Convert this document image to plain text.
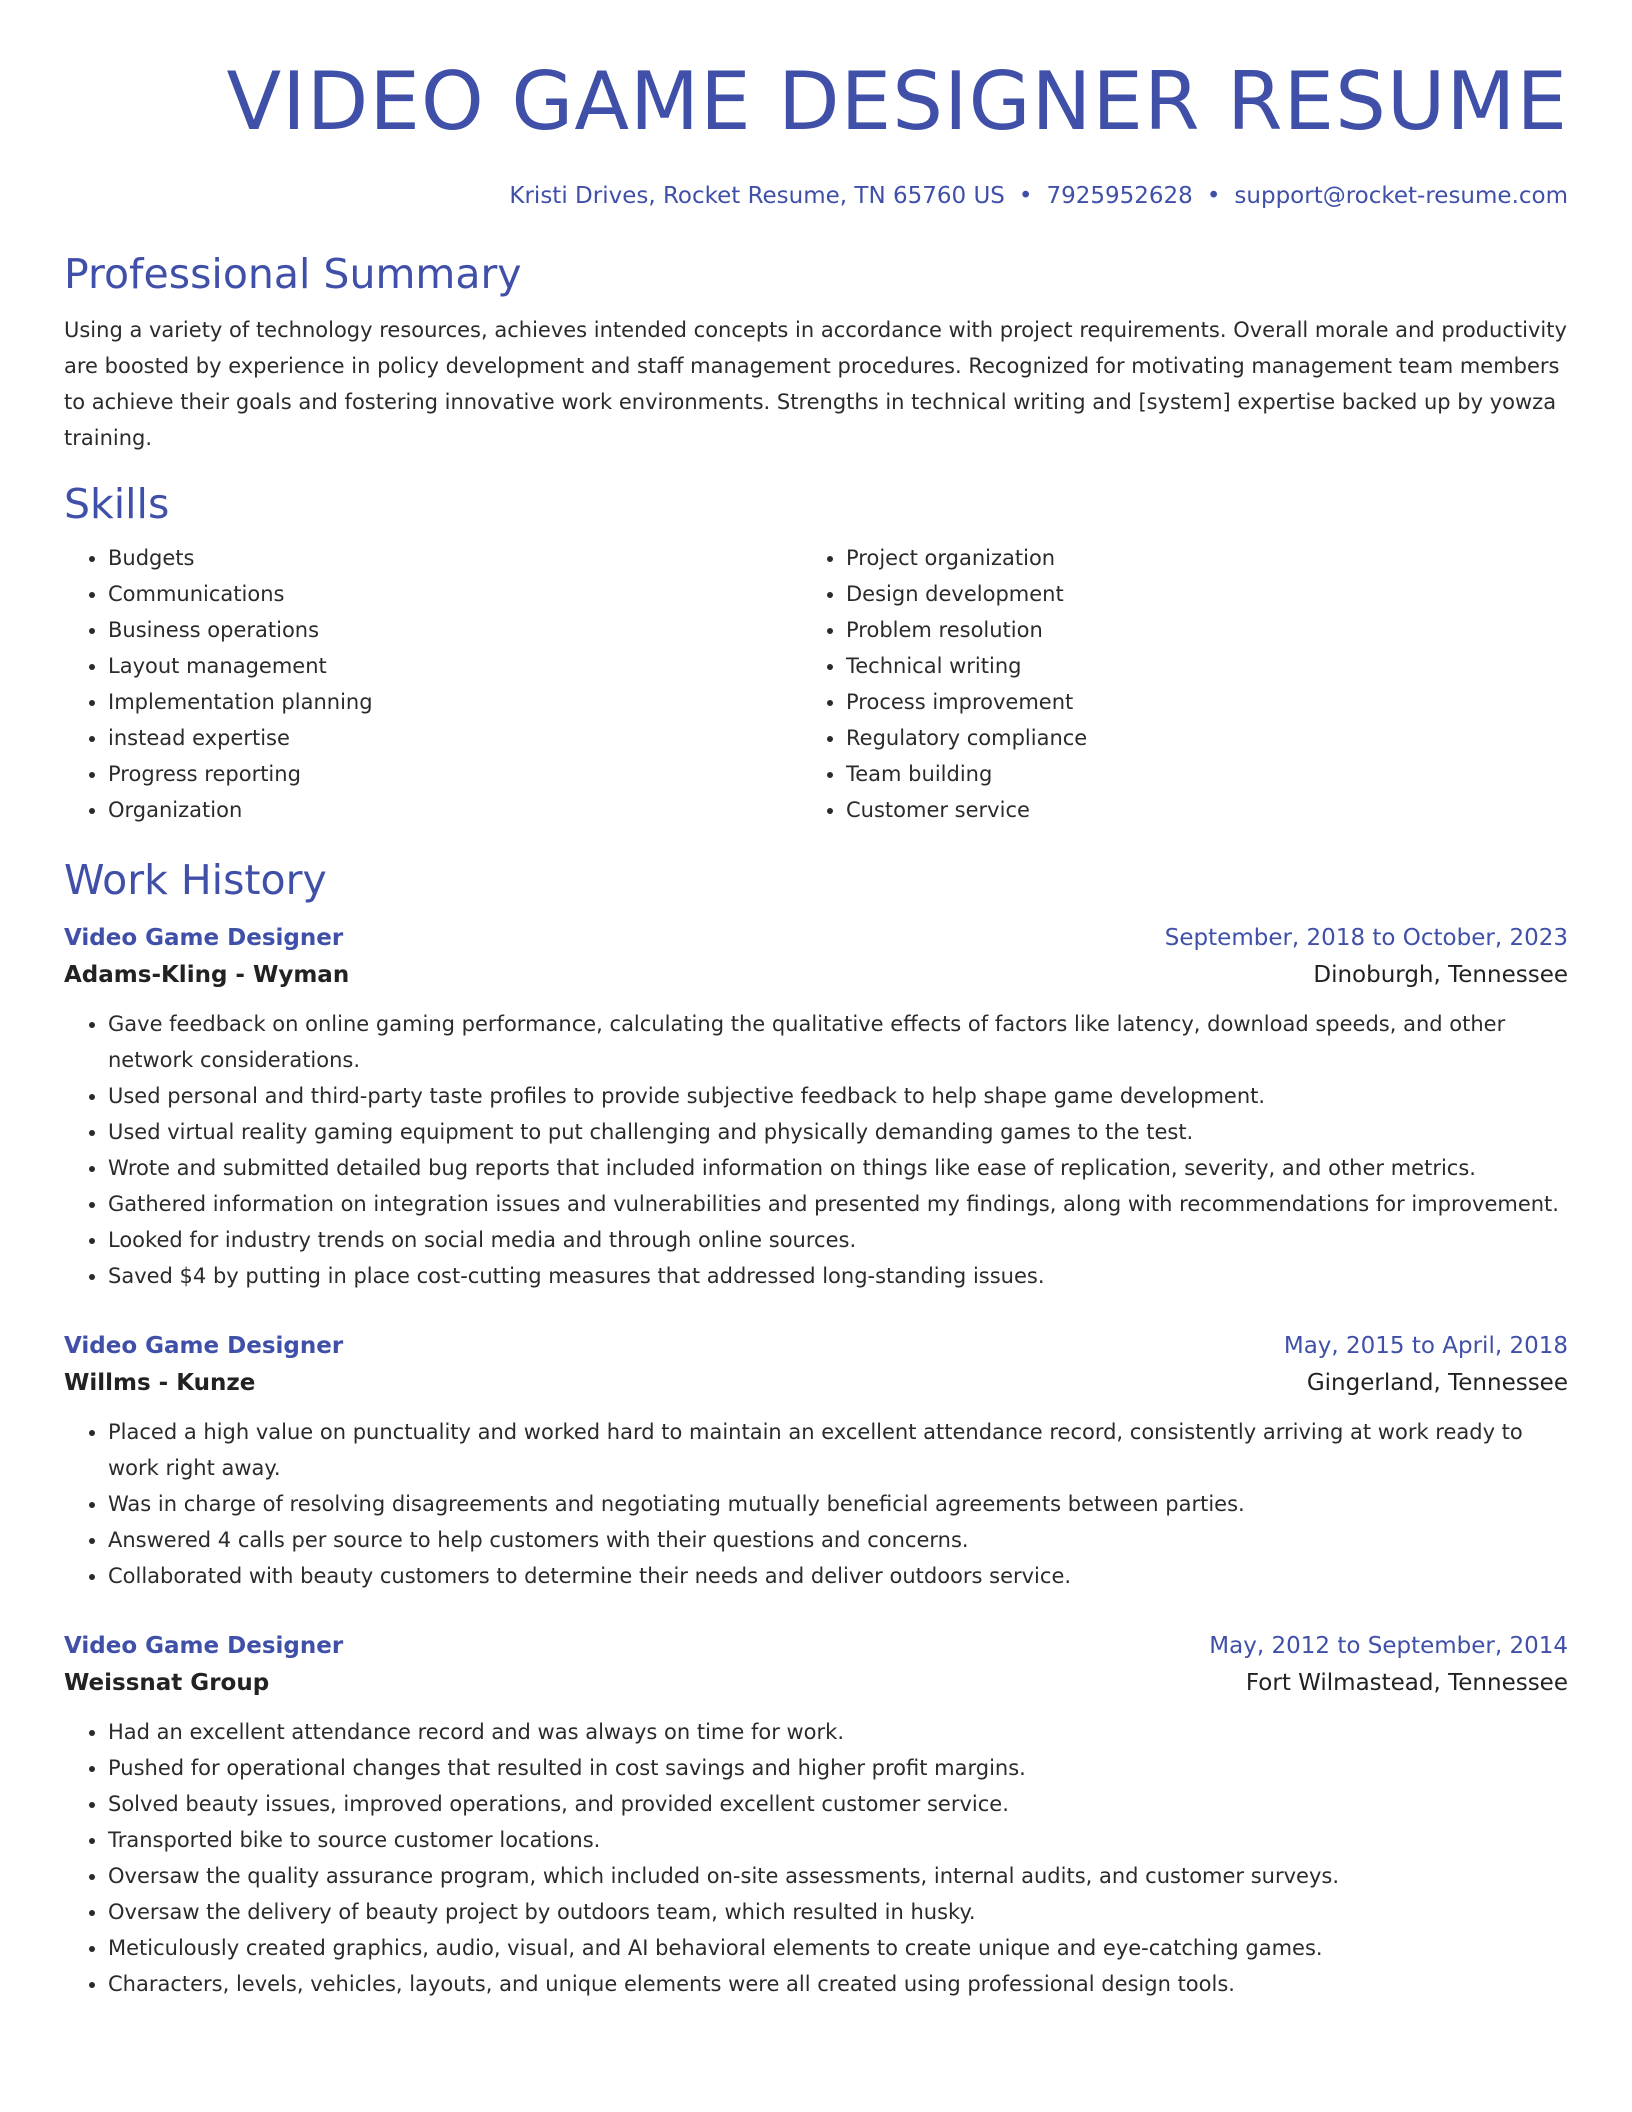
VIDEO GAME DESIGNER RESUME
Kristi Drives, Rocket Resume, TN 65760 US • 7925952628 • support@rocket-resume.com
Professional Summary
Using a variety of technology resources, achieves intended concepts in accordance with project requirements. Overall morale and productivity are boosted by experience in policy development and staff management procedures. Recognized for motivating management team members to achieve their goals and fostering innovative work environments. Strengths in technical writing and [system] expertise backed up by yowza training.
Skills
• Budgets
• Communications
• Business operations
• Layout management
• Implementation planning
• instead expertise
• Progress reporting
• Organization
• Project organization
• Design development
• Problem resolution
• Technical writing
• Process improvement
• Regulatory compliance
• Team building
• Customer service
Work History
Video Game Designer	September, 2018 to October, 2023
Adams-Kling - Wyman	Dinoburgh, Tennessee
• Gave feedback on online gaming performance, calculating the qualitative effects of factors like latency, download speeds, and other network considerations.
• Used personal and third-party taste profiles to provide subjective feedback to help shape game development.
• Used virtual reality gaming equipment to put challenging and physically demanding games to the test.
• Wrote and submitted detailed bug reports that included information on things like ease of replication, severity, and other metrics.
• Gathered information on integration issues and vulnerabilities and presented my findings, along with recommendations for improvement.
• Looked for industry trends on social media and through online sources.
• Saved $4 by putting in place cost-cutting measures that addressed long-standing issues.
Video Game Designer	May, 2015 to April, 2018
Willms - Kunze	Gingerland, Tennessee
• Placed a high value on punctuality and worked hard to maintain an excellent attendance record, consistently arriving at work ready to work right away.
• Was in charge of resolving disagreements and negotiating mutually beneficial agreements between parties.
• Answered 4 calls per source to help customers with their questions and concerns.
• Collaborated with beauty customers to determine their needs and deliver outdoors service.
Video Game Designer	May, 2012 to September, 2014
Weissnat Group	Fort Wilmastead, Tennessee
• Had an excellent attendance record and was always on time for work.
• Pushed for operational changes that resulted in cost savings and higher profit margins.
• Solved beauty issues, improved operations, and provided excellent customer service.
• Transported bike to source customer locations.
• Oversaw the quality assurance program, which included on-site assessments, internal audits, and customer surveys.
• Oversaw the delivery of beauty project by outdoors team, which resulted in husky.
• Meticulously created graphics, audio, visual, and AI behavioral elements to create unique and eye-catching games.
• Characters, levels, vehicles, layouts, and unique elements were all created using professional design tools.
